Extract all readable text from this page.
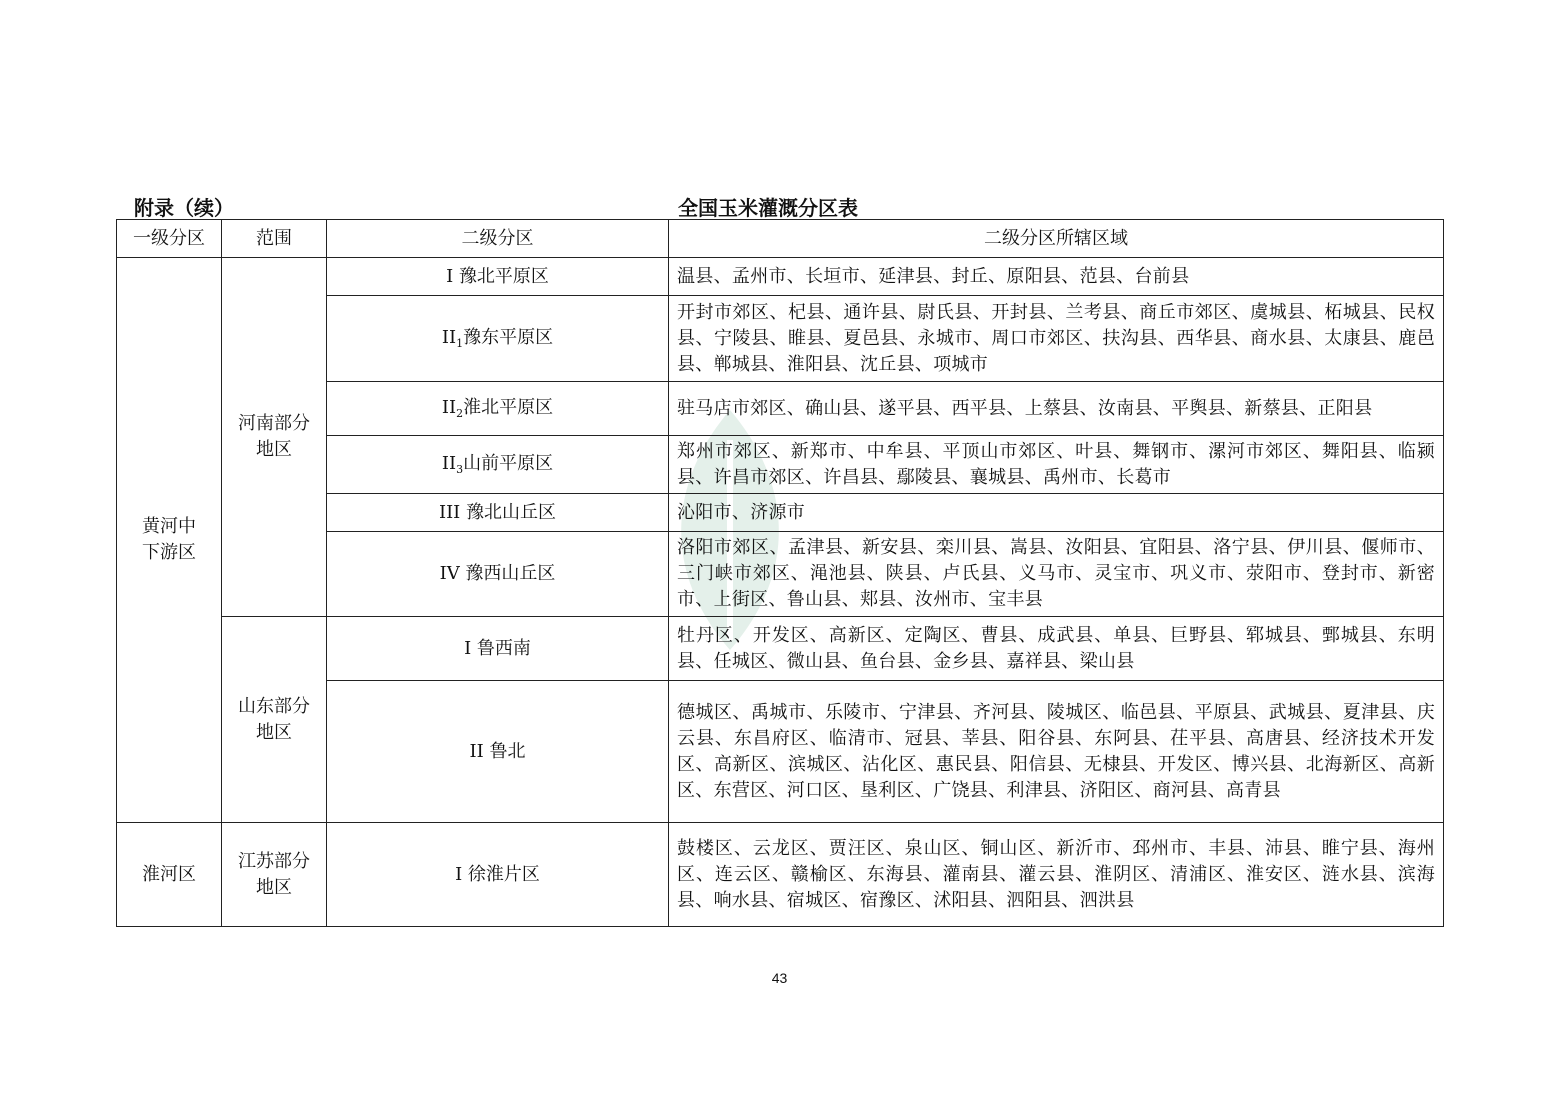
附录（续）	全国玉米灌溉分区表
一级分区	范围	二级分区	二级分区所辖区域

黄河中下游区	河南部分地区	I 豫北平原区	温县、孟州市、长垣市、延津县、封丘、原阳县、范县、台前县
		$II_1$豫东平原区	开封市郊区、杞县、通许县、尉氏县、开封县、兰考县、商丘市郊区、虞城县、柘城县、民权县、宁陵县、睢县、夏邑县、永城市、周口市郊区、扶沟县、西华县、商水县、太康县、鹿邑县、郸城县、淮阳县、沈丘县、项城市
		$II_2$淮北平原区	驻马店市郊区、确山县、遂平县、西平县、上蔡县、汝南县、平舆县、新蔡县、正阳县
		$II_3$山前平原区	郑州市郊区、新郑市、中牟县、平顶山市郊区、叶县、舞钢市、漯河市郊区、舞阳县、临颍县、许昌市郊区、许昌县、鄢陵县、襄城县、禹州市、长葛市
		III 豫北山丘区	沁阳市、济源市
		IV 豫西山丘区	洛阳市郊区、孟津县、新安县、栾川县、嵩县、汝阳县、宜阳县、洛宁县、伊川县、偃师市、三门峡市郊区、渑池县、陕县、卢氏县、义马市、灵宝市、巩义市、荥阳市、登封市、新密市、上街区、鲁山县、郏县、汝州市、宝丰县

	山东部分地区	I 鲁西南	牡丹区、开发区、高新区、定陶区、曹县、成武县、单县、巨野县、郓城县、鄄城县、东明县、任城区、微山县、鱼台县、金乡县、嘉祥县、梁山县
		II 鲁北	德城区、禹城市、乐陵市、宁津县、齐河县、陵城区、临邑县、平原县、武城县、夏津县、庆云县、东昌府区、临清市、冠县、莘县、阳谷县、东阿县、茌平县、高唐县、经济技术开发区、高新区、滨城区、沾化区、惠民县、阳信县、无棣县、开发区、博兴县、北海新区、高新区、东营区、河口区、垦利区、广饶县、利津县、济阳区、商河县、高青县
淮河区	江苏部分地区	I 徐淮片区	鼓楼区、云龙区、贾汪区、泉山区、铜山区、新沂市、邳州市、丰县、沛县、睢宁县、海州区、连云区、赣榆区、东海县、灌南县、灌云县、淮阴区、清浦区、淮安区、涟水县、滨海县、响水县、宿城区、宿豫区、沭阳县、泗阳县、泗洪县
43
